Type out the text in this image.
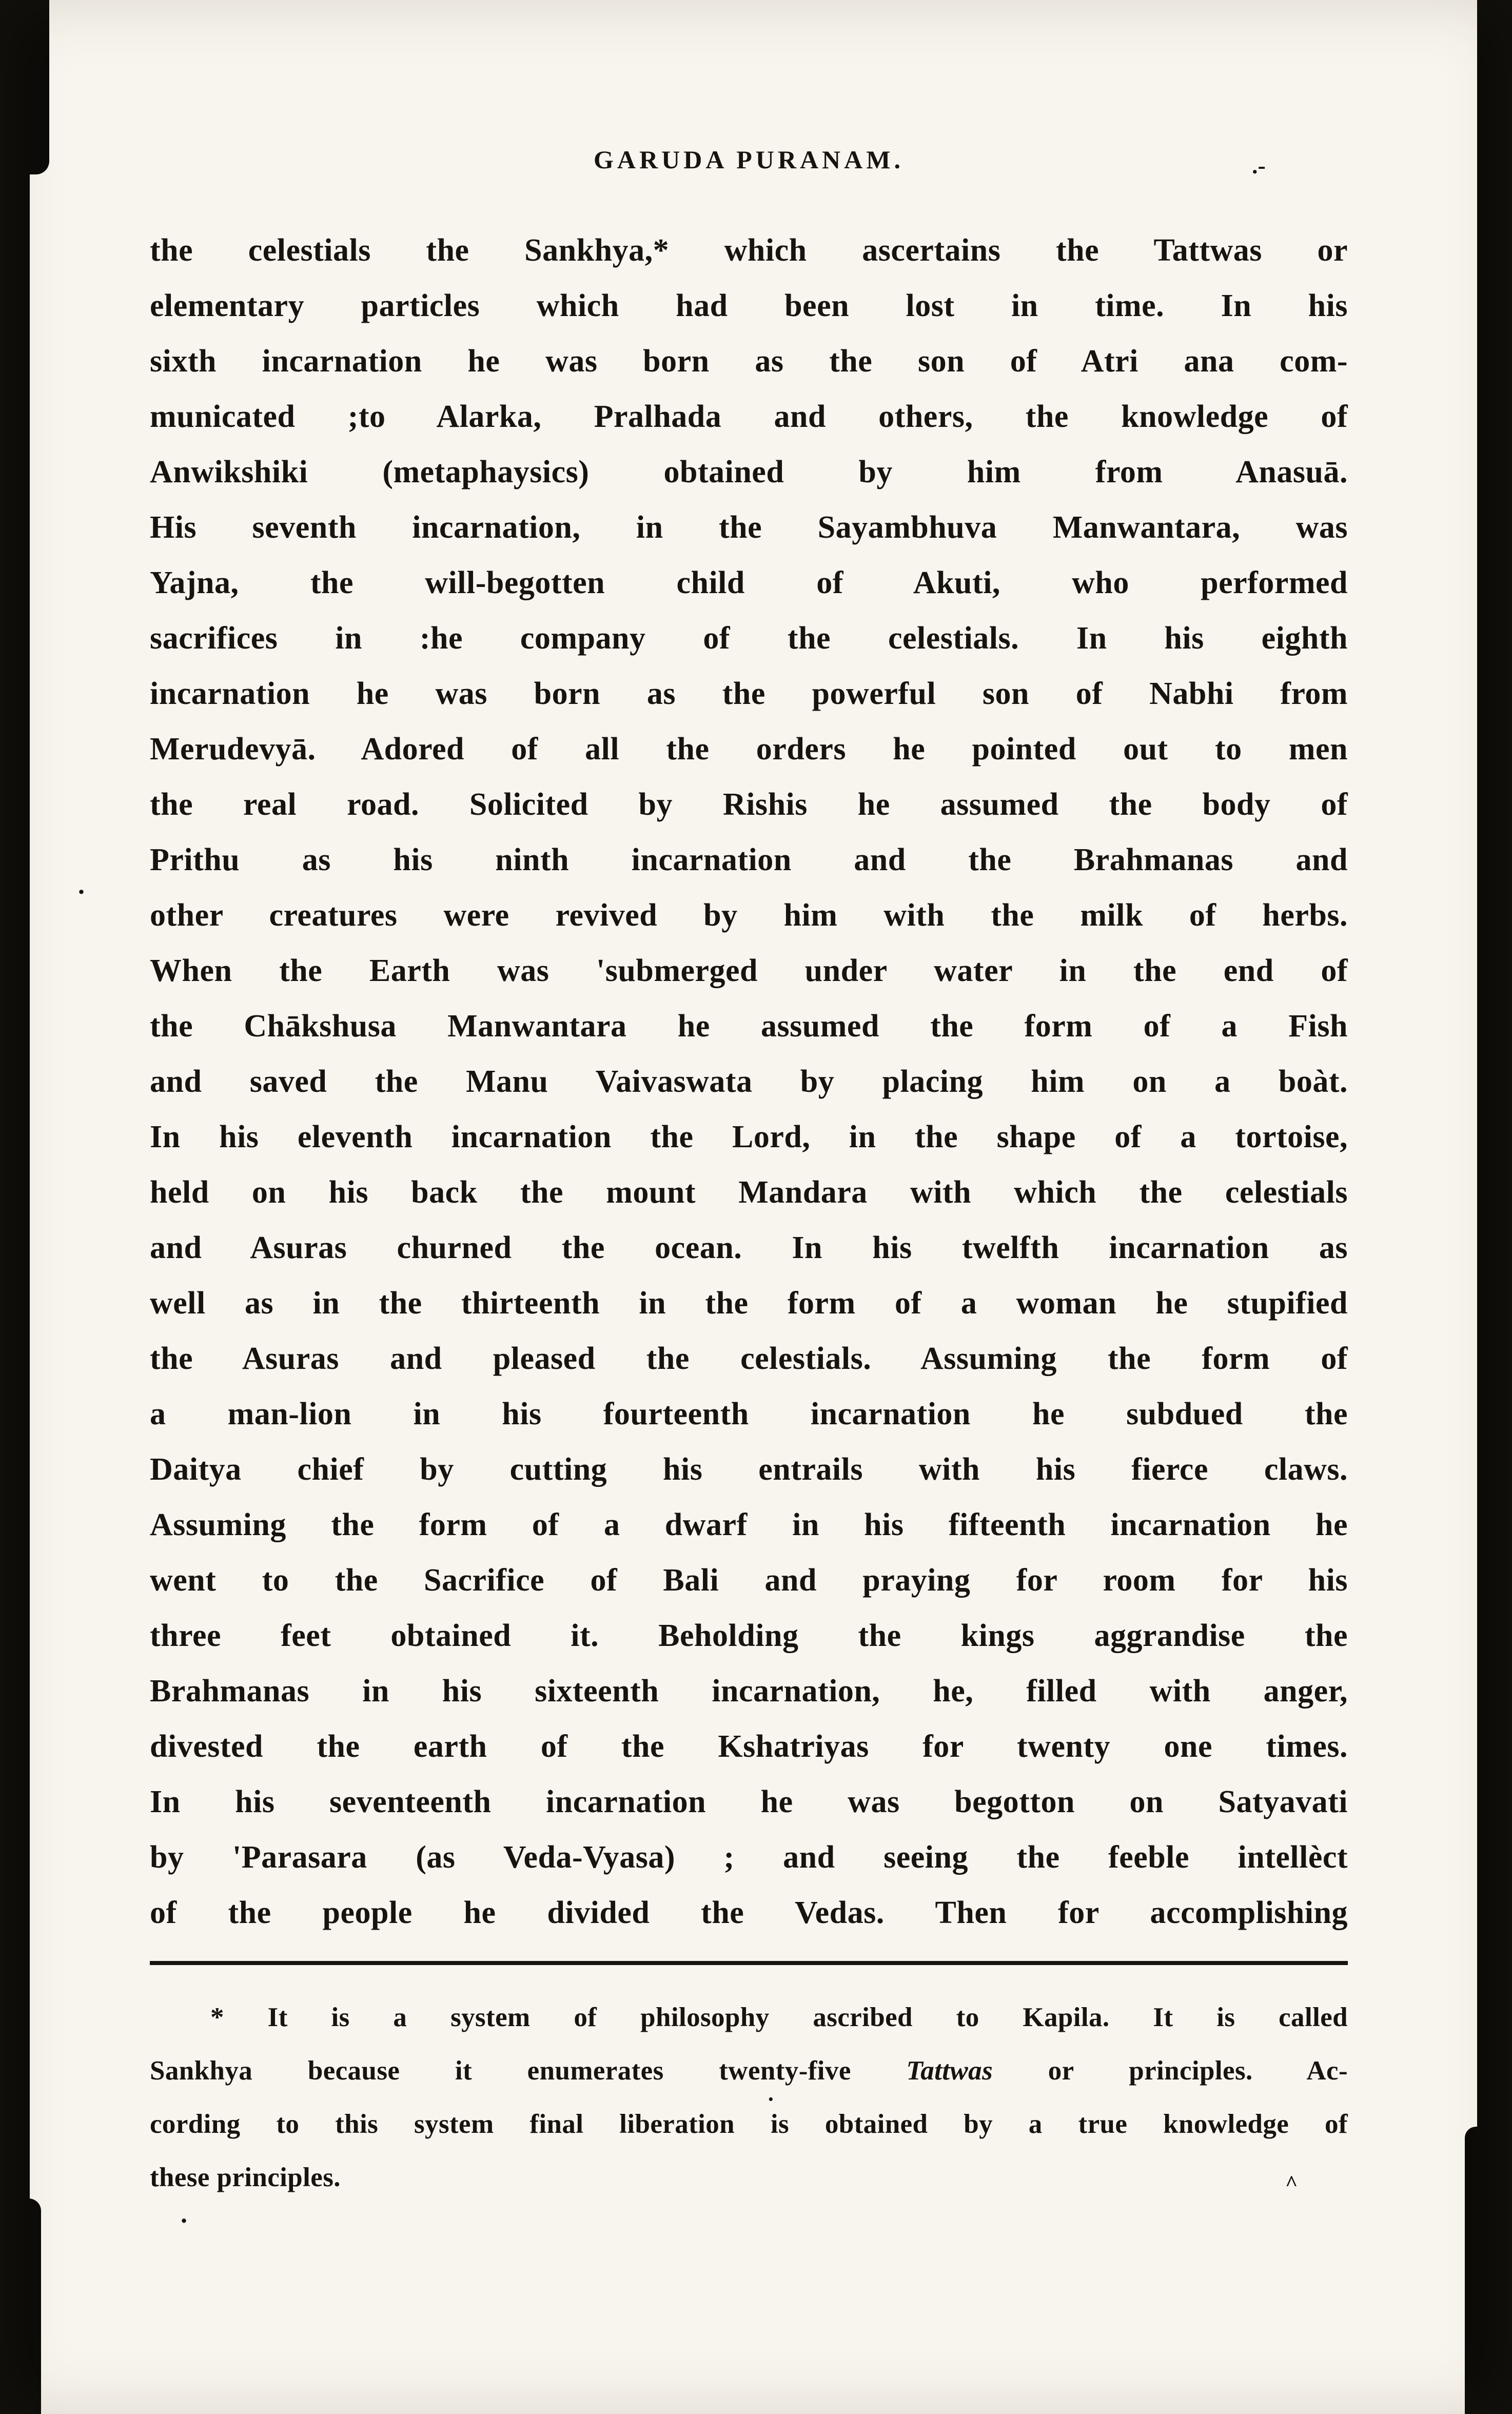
GARUDA PURANAM.
the celestials the Sankhya,* which ascertains the Tattwas or
elementary particles which had been lost in time. In his
sixth incarnation he was born as the son of Atri ana com-
municated ;to Alarka, Pralhada and others, the knowledge of
Anwikshiki (metaphaysics) obtained by him from Anasuā.
His seventh incarnation, in the Sayambhuva Manwantara, was
Yajna, the will-begotten child of Akuti, who performed
sacrifices in :he company of the celestials. In his eighth
incarnation he was born as the powerful son of Nabhi from
Merudevyā. Adored of all the orders he pointed out to men
the real road. Solicited by Rishis he assumed the body of
Prithu as his ninth incarnation and the Brahmanas and
other creatures were revived by him with the milk of herbs.
When the Earth was 'submerged under water in the end of
the Chākshusa Manwantara he assumed the form of a Fish
and saved the Manu Vaivaswata by placing him on a boàt.
In his eleventh incarnation the Lord, in the shape of a tortoise,
held on his back the mount Mandara with which the celestials
and Asuras churned the ocean. In his twelfth incarnation as
well as in the thirteenth in the form of a woman he stupified
the Asuras and pleased the celestials. Assuming the form of
a man-lion in his fourteenth incarnation he subdued the
Daitya chief by cutting his entrails with his fierce claws.
Assuming the form of a dwarf in his fifteenth incarnation he
went to the Sacrifice of Bali and praying for room for his
three feet obtained it. Beholding the kings aggrandise the
Brahmanas in his sixteenth incarnation, he, filled with anger,
divested the earth of the Kshatriyas for twenty one times.
In his seventeenth incarnation he was begotton on Satyavati
by 'Parasara (as Veda-Vyasa) ; and seeing the feeble intellèct
of the people he divided the Vedas. Then for accomplishing
* It is a system of philosophy ascribed to Kapila. It is called
Sankhya because it enumerates twenty-five Tattwas or principles. Ac-
cording to this system final liberation is obtained by a true knowledge of
these principles.
.-
.
·
^
.
